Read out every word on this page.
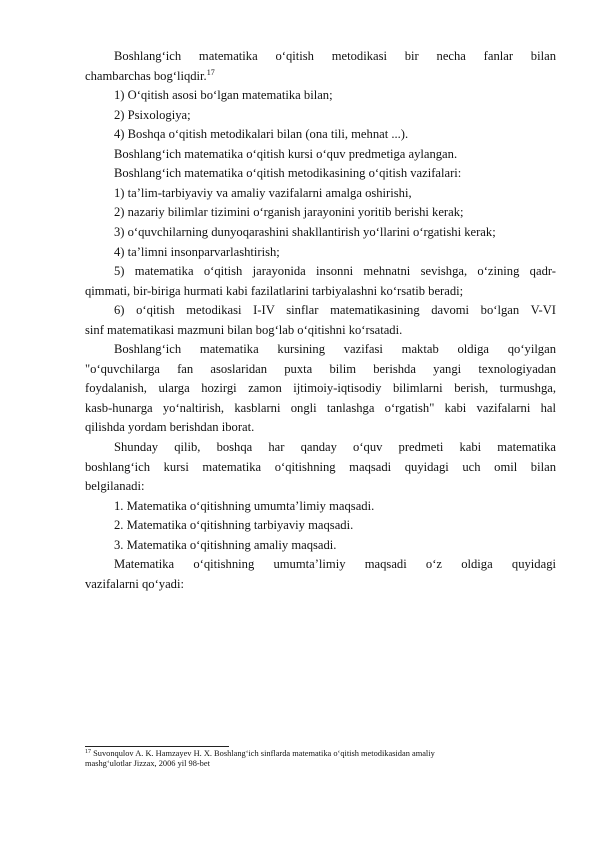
Boshlang‘ich matematika o‘qitish metodikasi bir necha fanlar bilan
chambarchas bog‘liqdir.$^{17}$
1) O‘qitish asosi bo‘lgan matematika bilan;
2) Psixologiya;
4) Boshqa o‘qitish metodikalari bilan (ona tili, mehnat ...).
Boshlang‘ich matematika o‘qitish kursi o‘quv predmetiga aylangan.
Boshlang‘ich matematika o‘qitish metodikasining o‘qitish vazifalari:
1) ta’lim-tarbiyaviy va amaliy vazifalarni amalga oshirishi,
2) nazariy bilimlar tizimini o‘rganish jarayonini yoritib berishi kerak;
3) o‘quvchilarning dunyoqarashini shakllantirish yo‘llarini o‘rgatishi kerak;
4) ta’limni insonparvarlashtirish;
5) matematika o‘qitish jarayonida insonni mehnatni sevishga, o‘zining qadr-
qimmati, bir-biriga hurmati kabi fazilatlarini tarbiyalashni ko‘rsatib beradi;
6) o‘qitish metodikasi I-IV sinflar matematikasining davomi bo‘lgan V-VI
sinf matematikasi mazmuni bilan bog‘lab o‘qitishni ko‘rsatadi.
Boshlang‘ich matematika kursining vazifasi maktab oldiga qo‘yilgan
"o‘quvchilarga fan asoslaridan puxta bilim berishda yangi texnologiyadan
foydalanish, ularga hozirgi zamon ijtimoiy-iqtisodiy bilimlarni berish, turmushga,
kasb-hunarga yo‘naltirish, kasblarni ongli tanlashga o‘rgatish" kabi vazifalarni hal
qilishda yordam berishdan iborat.
Shunday qilib, boshqa har qanday o‘quv predmeti kabi matematika
boshlang‘ich kursi matematika o‘qitishning maqsadi quyidagi uch omil bilan
belgilanadi:
1. Matematika o‘qitishning umumta’limiy maqsadi.
2. Matematika o‘qitishning tarbiyaviy maqsadi.
3. Matematika o‘qitishning amaliy maqsadi.
Matematika o‘qitishning umumta’limiy maqsadi o‘z oldiga quyidagi
vazifalarni qo‘yadi:
$^{17}$ Suvonqulov A. K. Hamzayev H. X. Boshlang‘ich sinflarda matematika o‘qitish metodikasidan amaliy
mashg‘ulotlar Jizzax, 2006 yil 98-bet
